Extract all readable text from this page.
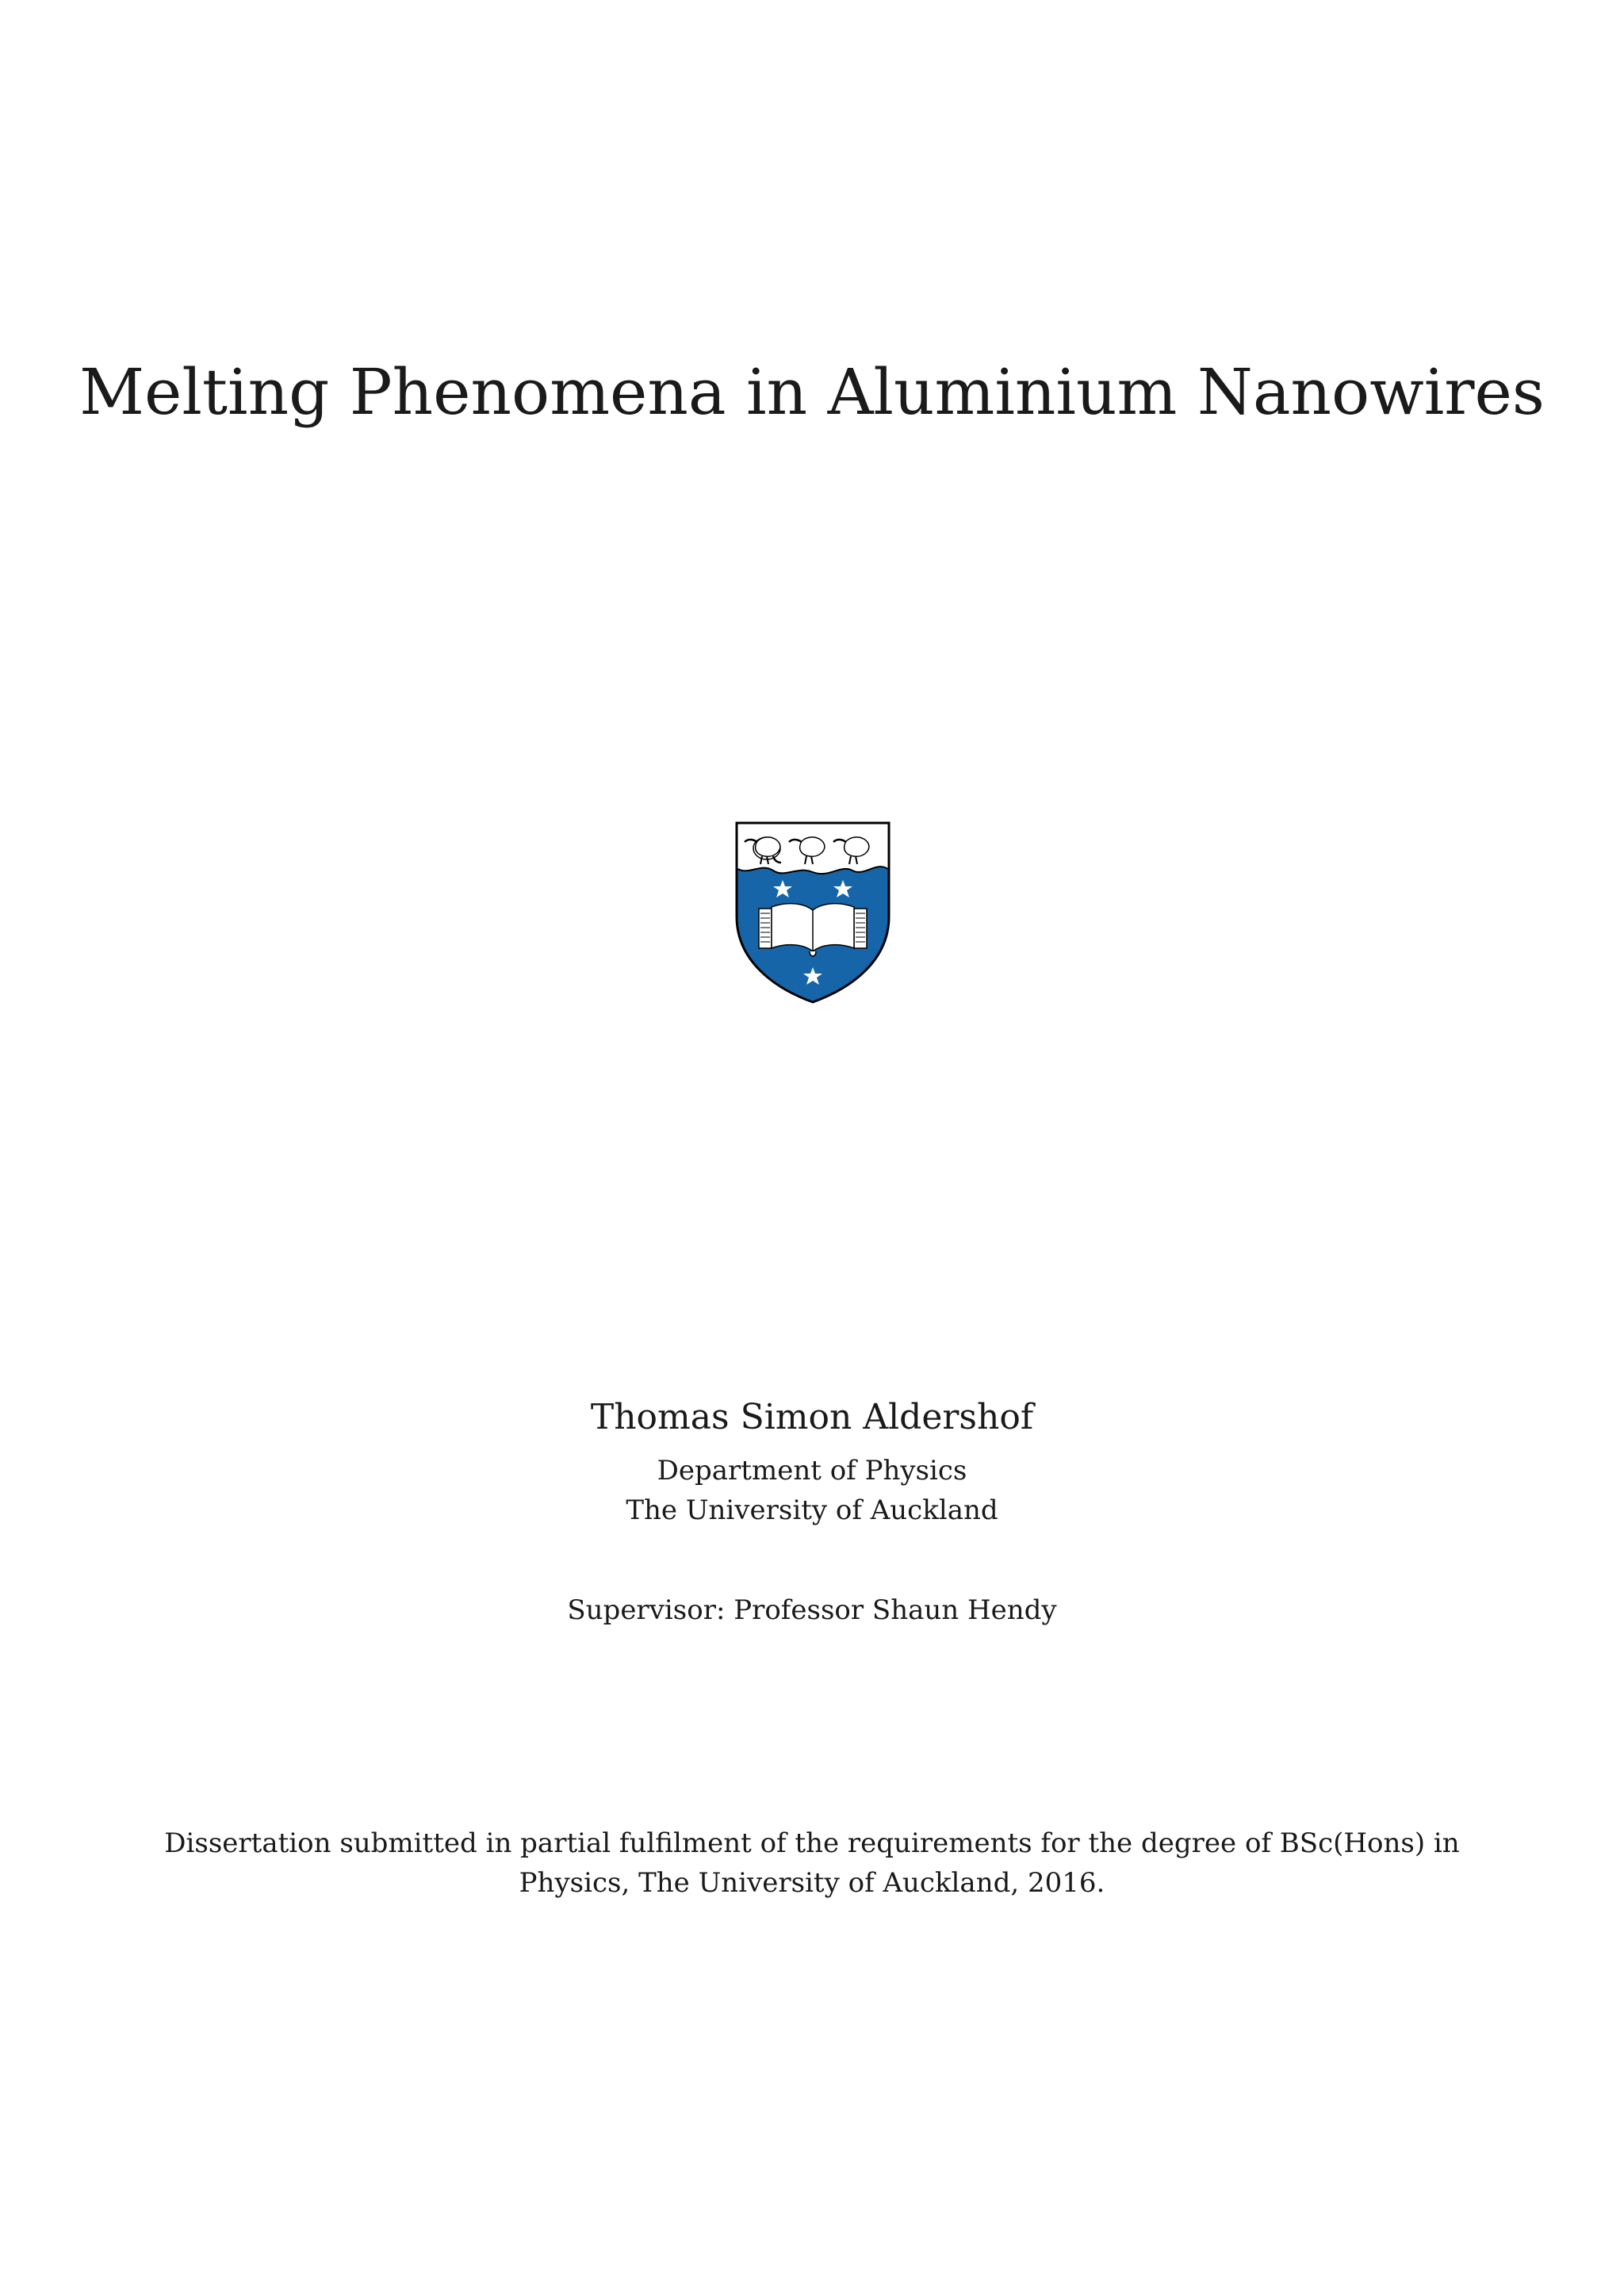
Melting Phenomena in Aluminium Nanowires
Thomas Simon Aldershof
Department of Physics
The University of Auckland
Supervisor: Professor Shaun Hendy
Dissertation submitted in partial fulfilment of the requirements for the degree of BSc(Hons) in
Physics, The University of Auckland, 2016.
